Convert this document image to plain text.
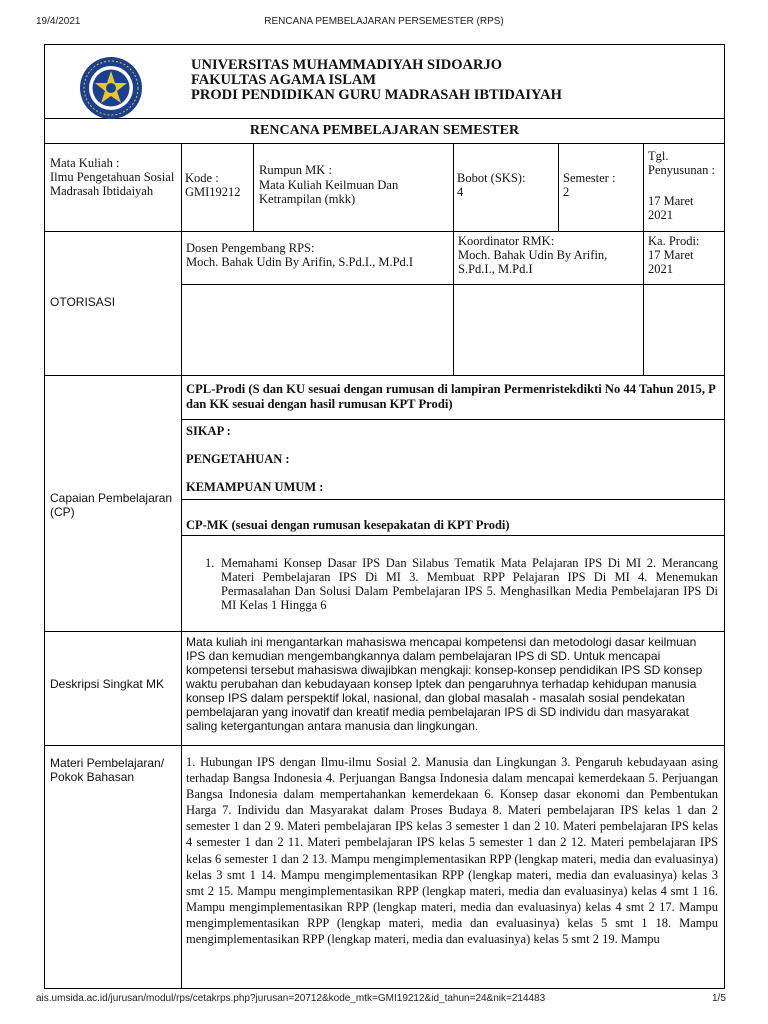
19/4/2021	RENCANA PEMBELAJARAN PERSEMESTER (RPS)
UNIVERSITAS MUHAMMADIYAH SIDOARJO
FAKULTAS AGAMA ISLAM
PRODI PENDIDIKAN GURU MADRASAH IBTIDAIYAH
RENCANA PEMBELAJARAN SEMESTER
Mata Kuliah :
Ilmu Pengetahuan Sosial Madrasah Ibtidaiyah
Kode :
GMI19212
Rumpun MK :
Mata Kuliah Keilmuan Dan Ketrampilan (mkk)
Bobot (SKS):
4
Semester :
2
Tgl. Penyusunan :
17 Maret 2021
OTORISASI
Dosen Pengembang RPS:
Moch. Bahak Udin By Arifin, S.Pd.I., M.Pd.I
Koordinator RMK:
Moch. Bahak Udin By Arifin, S.Pd.I., M.Pd.I
Ka. Prodi:
17 Maret 2021
Capaian Pembelajaran (CP)
CPL-Prodi (S dan KU sesuai dengan rumusan di lampiran Permenristekdikti No 44 Tahun 2015, P dan KK sesuai dengan hasil rumusan KPT Prodi)
SIKAP :
PENGETAHUAN :
KEMAMPUAN UMUM :
CP-MK (sesuai dengan rumusan kesepakatan di KPT Prodi)
1. Memahami Konsep Dasar IPS Dan Silabus Tematik Mata Pelajaran IPS Di MI 2. Merancang Materi Pembelajaran IPS Di MI 3. Membuat RPP Pelajaran IPS Di MI 4. Menemukan Permasalahan Dan Solusi Dalam Pembelajaran IPS 5. Menghasilkan Media Pembelajaran IPS Di MI Kelas 1 Hingga 6
Deskripsi Singkat MK
Mata kuliah ini mengantarkan mahasiswa mencapai kompetensi dan metodologi dasar keilmuan IPS dan kemudian mengembangkannya dalam pembelajaran IPS di SD. Untuk mencapai kompetensi tersebut mahasiswa diwajibkan mengkaji: konsep-konsep pendidikan IPS SD konsep waktu perubahan dan kebudayaan konsep Iptek dan pengaruhnya terhadap kehidupan manusia konsep IPS dalam perspektif lokal, nasional, dan global masalah - masalah sosial pendekatan pembelajaran yang inovatif dan kreatif media pembelajaran IPS di SD individu dan masyarakat saling ketergantungan antara manusia dan lingkungan.
Materi Pembelajaran/ Pokok Bahasan
1. Hubungan IPS dengan Ilmu-ilmu Sosial 2. Manusia dan Lingkungan 3. Pengaruh kebudayaan asing terhadap Bangsa Indonesia 4. Perjuangan Bangsa Indonesia dalam mencapai kemerdekaan 5. Perjuangan Bangsa Indonesia dalam mempertahankan kemerdekaan 6. Konsep dasar ekonomi dan Pembentukan Harga 7. Individu dan Masyarakat dalam Proses Budaya 8. Materi pembelajaran IPS kelas 1 dan 2 semester 1 dan 2 9. Materi pembelajaran IPS kelas 3 semester 1 dan 2 10. Materi pembelajaran IPS kelas 4 semester 1 dan 2 11. Materi pembelajaran IPS kelas 5 semester 1 dan 2 12. Materi pembelajaran IPS kelas 6 semester 1 dan 2 13. Mampu mengimplementasikan RPP (lengkap materi, media dan evaluasinya) kelas 3 smt 1 14. Mampu mengimplementasikan RPP (lengkap materi, media dan evaluasinya) kelas 3 smt 2 15. Mampu mengimplementasikan RPP (lengkap materi, media dan evaluasinya) kelas 4 smt 1 16. Mampu mengimplementasikan RPP (lengkap materi, media dan evaluasinya) kelas 4 smt 2 17. Mampu mengimplementasikan RPP (lengkap materi, media dan evaluasinya) kelas 5 smt 1 18. Mampu mengimplementasikan RPP (lengkap materi, media dan evaluasinya) kelas 5 smt 2 19. Mampu
ais.umsida.ac.id/jurusan/modul/rps/cetakrps.php?jurusan=20712&kode_mtk=GMI19212&id_tahun=24&nik=214483	1/5
